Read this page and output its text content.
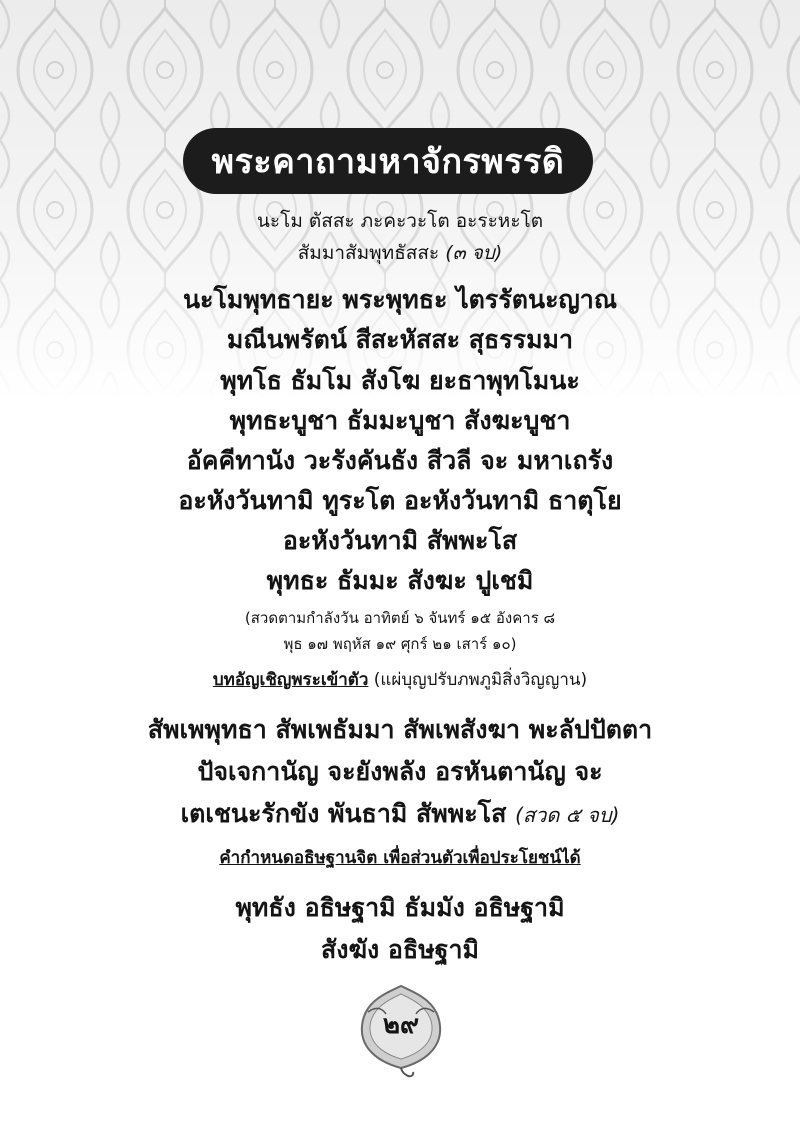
พระคาถามหาจักรพรรดิ
นะโม ตัสสะ ภะคะวะโต อะระหะโต
สัมมาสัมพุทธัสสะ (๓ จบ)
นะโมพุทธายะ พระพุทธะ ไตรรัตนะญาณ
มณีนพรัตน์ สีสะหัสสะ สุธรรมมา
พุทโธ ธัมโม สังโฆ ยะธาพุทโมนะ
พุทธะบูชา ธัมมะบูชา สังฆะบูชา
อัคคีทานัง วะรังคันธัง สีวลี จะ มหาเถรัง
อะหังวันทามิ ทูระโต อะหังวันทามิ ธาตุโย
อะหังวันทามิ สัพพะโส
พุทธะ ธัมมะ สังฆะ ปูเชมิ
(สวดตามกำลังวัน อาทิตย์ ๖ จันทร์ ๑๕ อังคาร ๘
พุธ ๑๗ พฤหัส ๑๙ ศุกร์ ๒๑ เสาร์ ๑๐)
บทอัญเชิญพระเข้าตัว (แผ่บุญปรับภพภูมิสิ่งวิญญาน)
สัพเพพุทธา สัพเพธัมมา สัพเพสังฆา พะลัปปัตตา
ปัจเจกานัญ จะยังพลัง อรหันตานัญ จะ
เตเชนะรักขัง พันธามิ สัพพะโส (สวด ๕ จบ)
คำกำหนดอธิษฐานจิต เพื่อส่วนตัวเพื่อประโยชน์ได้
พุทธัง อธิษฐามิ ธัมมัง อธิษฐามิ
สังฆัง อธิษฐามิ
๒๙
